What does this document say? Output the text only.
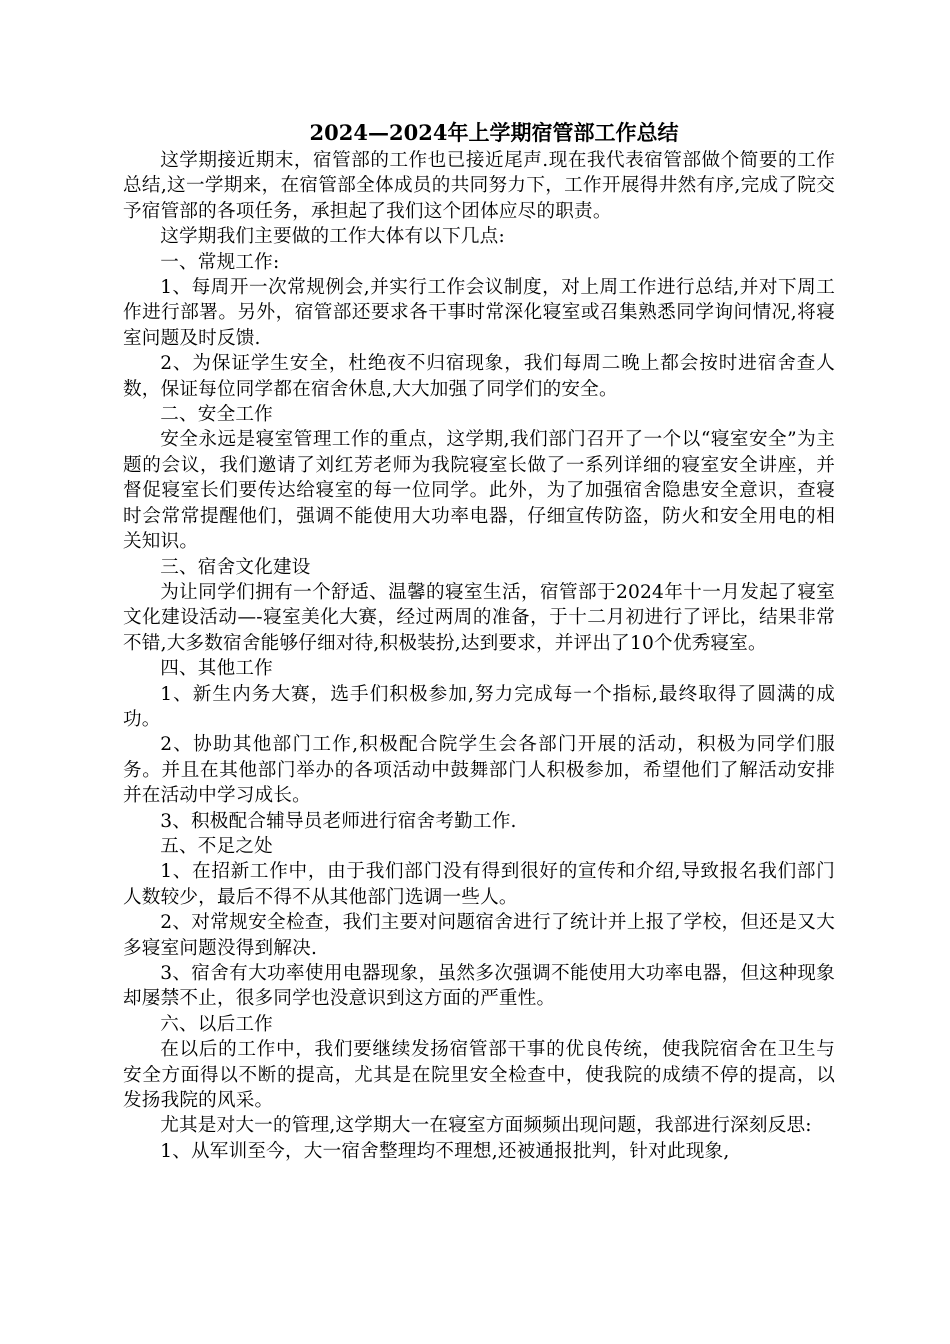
2024—2024年上学期宿管部工作总结

这学期接近期末，宿管部的工作也已接近尾声.现在我代表宿管部做个简要的工作总结,这一学期来，在宿管部全体成员的共同努力下，工作开展得井然有序,完成了院交予宿管部的各项任务，承担起了我们这个团体应尽的职责。

这学期我们主要做的工作大体有以下几点:

一、常规工作:

1、每周开一次常规例会,并实行工作会议制度，对上周工作进行总结,并对下周工作进行部署。另外，宿管部还要求各干事时常深化寝室或召集熟悉同学询问情况,将寝室问题及时反馈.

2、为保证学生安全，杜绝夜不归宿现象，我们每周二晚上都会按时进宿舍查人数，保证每位同学都在宿舍休息,大大加强了同学们的安全。

二、安全工作

安全永远是寝室管理工作的重点，这学期,我们部门召开了一个以“寝室安全”为主题的会议，我们邀请了刘红芳老师为我院寝室长做了一系列详细的寝室安全讲座，并督促寝室长们要传达给寝室的每一位同学。此外，为了加强宿舍隐患安全意识，查寝时会常常提醒他们，强调不能使用大功率电器，仔细宣传防盗，防火和安全用电的相关知识。

三、宿舍文化建设

为让同学们拥有一个舒适、温馨的寝室生活，宿管部于2024年十一月发起了寝室文化建设活动—-寝室美化大赛，经过两周的准备，于十二月初进行了评比，结果非常不错,大多数宿舍能够仔细对待,积极装扮,达到要求，并评出了10个优秀寝室。

四、其他工作

1、新生内务大赛，选手们积极参加,努力完成每一个指标,最终取得了圆满的成功。

2、协助其他部门工作,积极配合院学生会各部门开展的活动，积极为同学们服务。并且在其他部门举办的各项活动中鼓舞部门人积极参加，希望他们了解活动安排并在活动中学习成长。

3、积极配合辅导员老师进行宿舍考勤工作.

五、不足之处

1、在招新工作中，由于我们部门没有得到很好的宣传和介绍,导致报名我们部门人数较少，最后不得不从其他部门选调一些人。

2、对常规安全检查，我们主要对问题宿舍进行了统计并上报了学校，但还是又大多寝室问题没得到解决.

3、宿舍有大功率使用电器现象，虽然多次强调不能使用大功率电器，但这种现象却屡禁不止，很多同学也没意识到这方面的严重性。

六、以后工作

在以后的工作中，我们要继续发扬宿管部干事的优良传统，使我院宿舍在卫生与安全方面得以不断的提高，尤其是在院里安全检查中，使我院的成绩不停的提高，以发扬我院的风采。

尤其是对大一的管理,这学期大一在寝室方面频频出现问题，我部进行深刻反思:

1、从军训至今，大一宿舍整理均不理想,还被通报批判，针对此现象,
